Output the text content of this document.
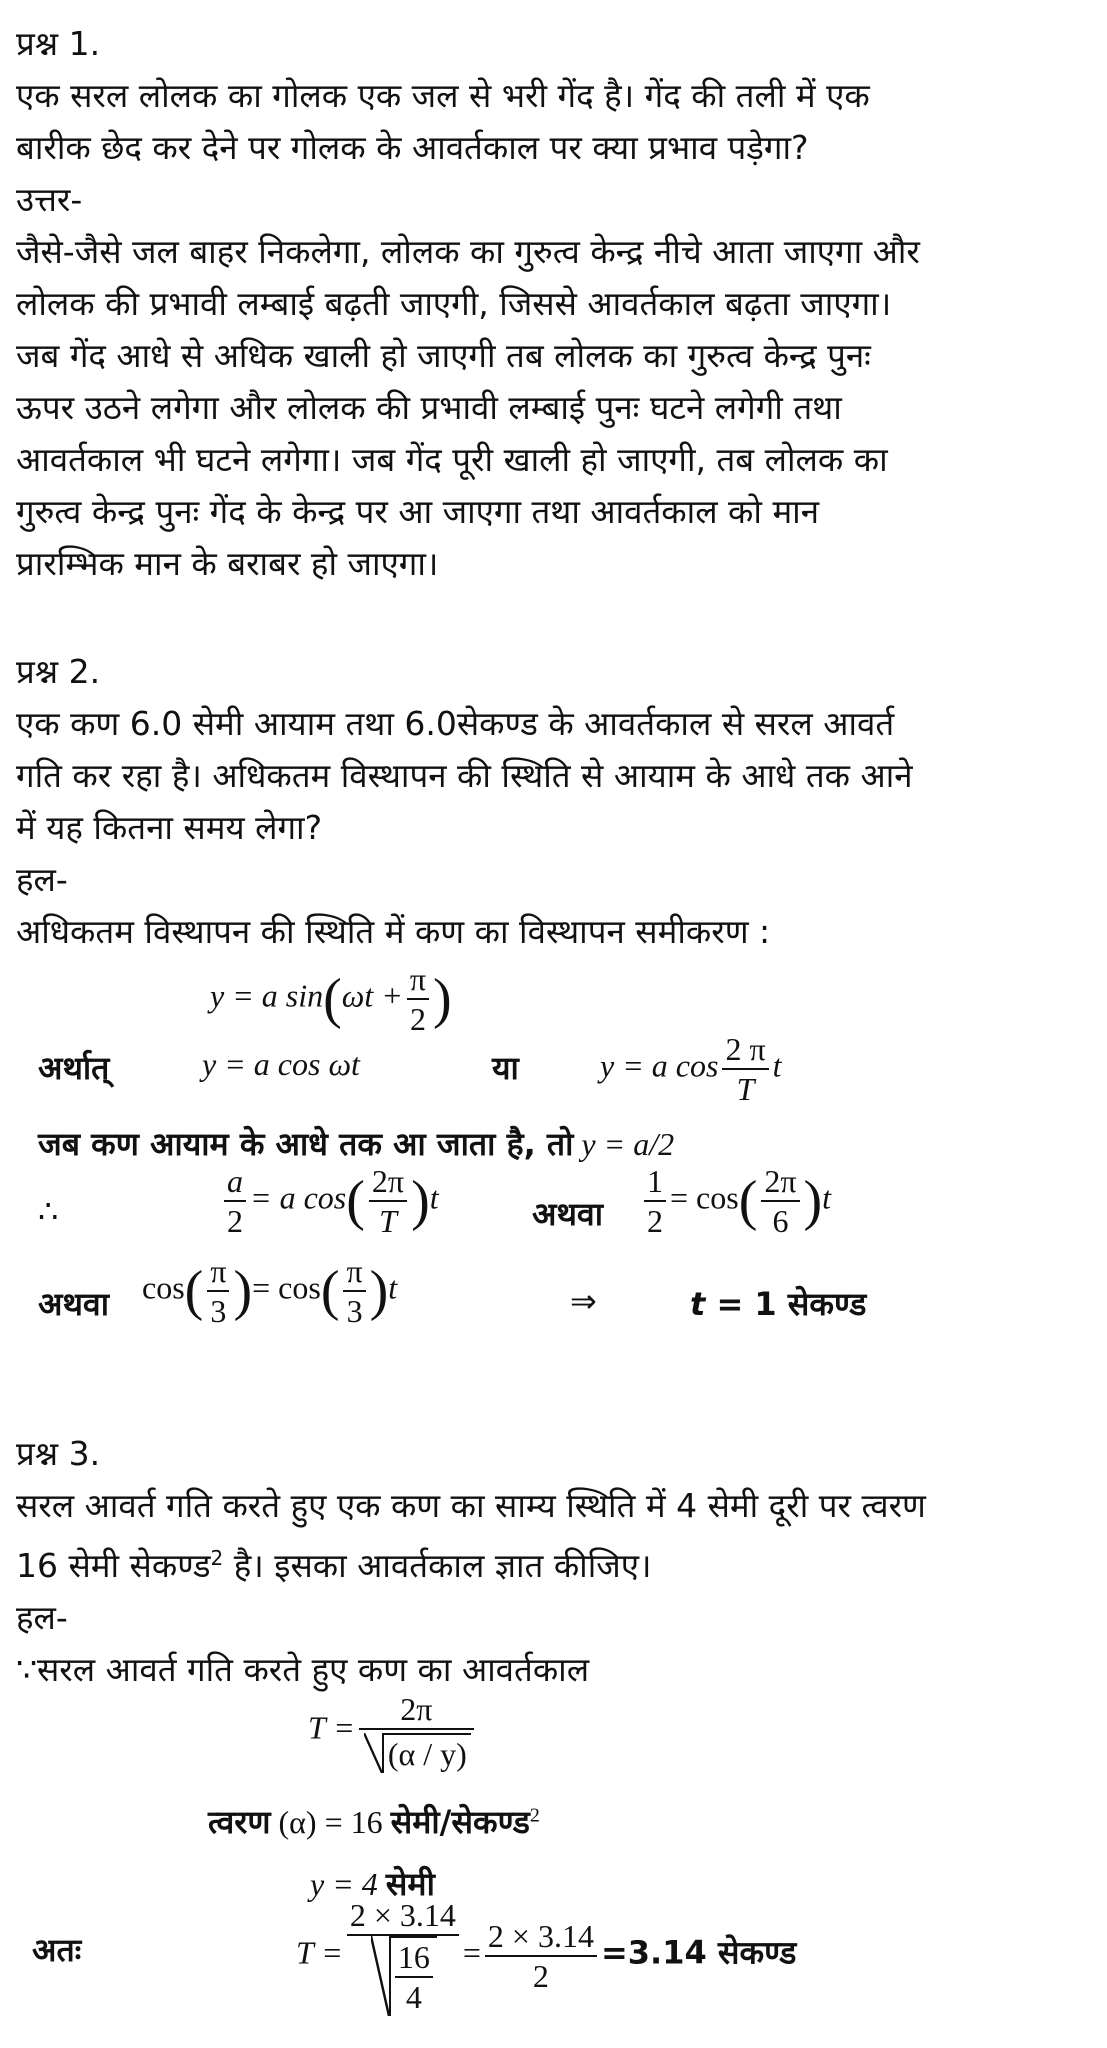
प्रश्न 1.

एक सरल लोलक का गोलक एक जल से भरी गेंद है। गेंद की तली में एक

बारीक छेद कर देने पर गोलक के आवर्तकाल पर क्या प्रभाव पड़ेगा?

उत्तर-

जैसे-जैसे जल बाहर निकलेगा, लोलक का गुरुत्व केन्द्र नीचे आता जाएगा और

लोलक की प्रभावी लम्बाई बढ़ती जाएगी, जिससे आवर्तकाल बढ़ता जाएगा।

जब गेंद आधे से अधिक खाली हो जाएगी तब लोलक का गुरुत्व केन्द्र पुनः

ऊपर उठने लगेगा और लोलक की प्रभावी लम्बाई पुनः घटने लगेगी तथा

आवर्तकाल भी घटने लगेगा। जब गेंद पूरी खाली हो जाएगी, तब लोलक का

गुरुत्व केन्द्र पुनः गेंद के केन्द्र पर आ जाएगा तथा आवर्तकाल को मान

प्रारम्भिक मान के बराबर हो जाएगा।

प्रश्न 2.

एक कण 6.0 सेमी आयाम तथा 6.0सेकण्ड के आवर्तकाल से सरल आवर्त

गति कर रहा है। अधिकतम विस्थापन की स्थिति से आयाम के आधे तक आने

में यह कितना समय लेगा?

हल-

अधिकतम विस्थापन की स्थिति में कण का विस्थापन समीकरण :

y = a $\sin(\omega t + \frac{\pi}{2}$ )
अर्थात्	y = a cos ωt	या	y = a $\cos \frac{2 \pi}{T}$ t
जब कण आयाम के आधे तक आ जाता है, तो y = a/2
∴	$\frac{a}{2} = a$ $\cos( \frac{2\pi}{T} )t$	अथवा $\frac{1}{2} = \cos( \frac{2\pi}{6} )t$
अथवा $\cos( \frac{\pi}{3}$ )= $\cos( \frac{\pi}{3} )t$	⇒	t = 1 सेकण्ड

प्रश्न 3.

सरल आवर्त गति करते हुए एक कण का साम्य स्थिति में 4 सेमी दूरी पर त्वरण

16 सेमी सेकण्ड$^2$ है। इसका आवर्तकाल ज्ञात कीजिए।

हल-

∵सरल आवर्त गति करते हुए कण का आवर्तकाल

$T = \frac{2\pi}{(\alpha / y)}$
त्वरण (α) = 16 सेमी/सेकण्ड$^2$
y = 4 सेमी
अतः	$T = \frac{2 \times 3.14}{\frac{16}{4}} = \frac{2 \times 3.14}{2} =3.14$ सेकण्ड
